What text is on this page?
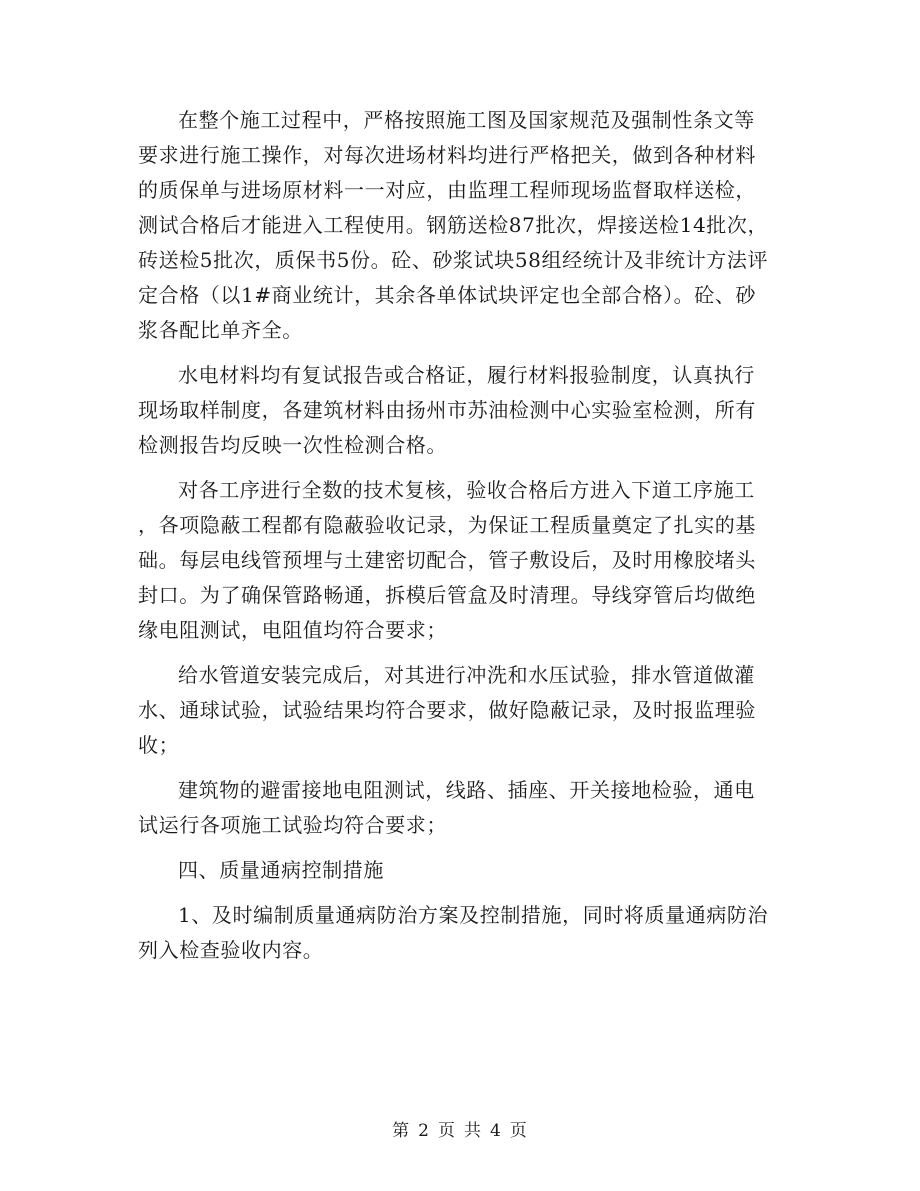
在整个施工过程中，严格按照施工图及国家规范及强制性条文等
要求进行施工操作，对每次进场材料均进行严格把关，做到各种材料
的质保单与进场原材料一一对应，由监理工程师现场监督取样送检，
测试合格后才能进入工程使用。钢筋送检87批次，焊接送检14批次，
砖送检5批次，质保书5份。砼、砂浆试块58组经统计及非统计方法评
定合格（以1#商业统计，其余各单体试块评定也全部合格）。砼、砂
浆各配比单齐全。
水电材料均有复试报告或合格证，履行材料报验制度，认真执行
现场取样制度，各建筑材料由扬州市苏油检测中心实验室检测，所有
检测报告均反映一次性检测合格。
对各工序进行全数的技术复核，验收合格后方进入下道工序施工
，各项隐蔽工程都有隐蔽验收记录，为保证工程质量奠定了扎实的基
础。每层电线管预埋与土建密切配合，管子敷设后，及时用橡胶堵头
封口。为了确保管路畅通，拆模后管盒及时清理。导线穿管后均做绝
缘电阻测试，电阻值均符合要求；
给水管道安装完成后，对其进行冲洗和水压试验，排水管道做灌
水、通球试验，试验结果均符合要求，做好隐蔽记录，及时报监理验
收；
建筑物的避雷接地电阻测试，线路、插座、开关接地检验，通电
试运行各项施工试验均符合要求；
四、质量通病控制措施
1、及时编制质量通病防治方案及控制措施，同时将质量通病防治
列入检查验收内容。
第 2 页 共 4 页
